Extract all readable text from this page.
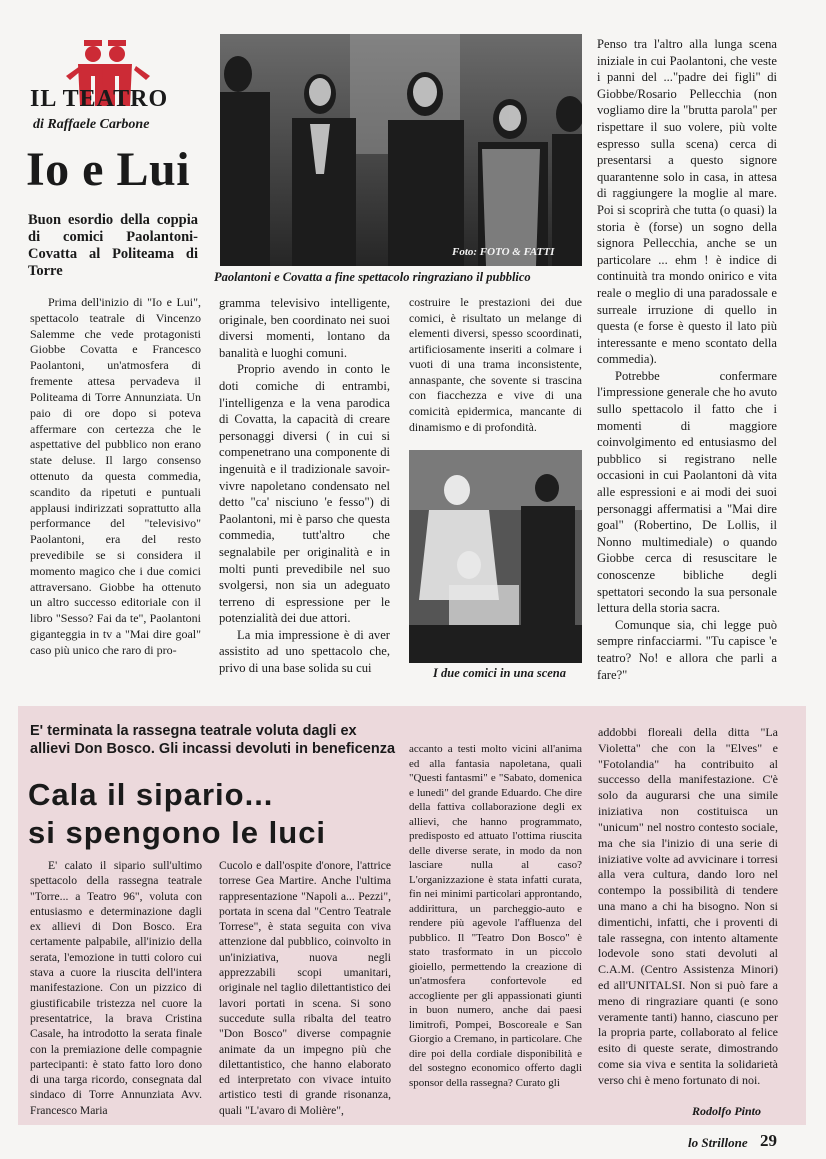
IL TEATRO
di Raffaele Carbone
Io e Lui
Buon esordio della coppia di comici Paolantoni-Covatta al Politeama di Torre
Foto: FOTO & FATTI
Paolantoni e Covatta a fine spettacolo ringraziano il pubblico

Prima dell'inizio di "Io e Lui", spettacolo teatrale di Vincenzo Salemme che vede protagonisti Giobbe Covatta e Francesco Paolantoni, un'atmosfera di fremente attesa pervadeva il Politeama di Torre Annunziata. Un paio di ore dopo si poteva affermare con certezza che le aspettative del pubblico non erano state deluse. Il largo consenso ottenuto da questa commedia, scandito da ripetuti e puntuali applausi indirizzati soprattutto alla performance del "televisivo" Paolantoni, era del resto prevedibile se si considera il momento magico che i due comici attraversano. Giobbe ha ottenuto un altro successo editoriale con il libro "Sesso? Fai da te", Paolantoni giganteggia in tv a "Mai dire goal" caso più unico che raro di pro-

gramma televisivo intelligente, originale, ben coordinato nei suoi diversi momenti, lontano da banalità e luoghi comuni.

Proprio avendo in conto le doti comiche di entrambi, l'intelligenza e la vena parodica di Covatta, la capacità di creare personaggi diversi ( in cui si compenetrano una componente di ingenuità e il tradizionale savoir-vivre napoletano condensato nel detto "ca' nisciuno 'e fesso") di Paolantoni, mi è parso che questa commedia, tutt'altro che segnalabile per originalità e in molti punti prevedibile nel suo svolgersi, non sia un adeguato terreno di espressione per le potenzialità dei due attori.

La mia impressione è di aver assistito ad uno spettacolo che, privo di una base solida su cui

costruire le prestazioni dei due comici, è risultato un melange di elementi diversi, spesso scoordinati, artificiosamente inseriti a colmare i vuoti di una trama inconsistente, annaspante, che sovente si trascina con fiacchezza e vive di una comicità epidermica, mancante di dinamismo e di profondità.

I due comici in una scena

Penso tra l'altro alla lunga scena iniziale in cui Paolantoni, che veste i panni del ..."padre dei figli" di Giobbe/Rosario Pellecchia (non vogliamo dire la "brutta parola" per rispettare il suo volere, più volte espresso sulla scena) cerca di presentarsi a questo signore quarantenne solo in casa, in attesa di raggiungere la moglie al mare. Poi si scoprirà che tutta (o quasi) la storia è (forse) un sogno della signora Pellecchia, anche se un particolare ... ehm ! è indice di continuità tra mondo onirico e vita reale o meglio di una paradossale e surreale irruzione di quello in questa (e forse è questo il lato più interessante e meno scontato della commedia).

Potrebbe confermare l'impressione generale che ho avuto sullo spettacolo il fatto che i momenti di maggiore coinvolgimento ed entusiasmo del pubblico si registrano nelle occasioni in cui Paolantoni dà vita alle espressioni e ai modi dei suoi personaggi affermatisi a "Mai dire goal" (Robertino, De Lollis, il Nonno multimediale) o quando Giobbe cerca di resuscitare le conoscenze bibliche degli spettatori secondo la sua personale lettura della storia sacra.

Comunque sia, chi legge può sempre rinfacciarmi. "Tu capisce 'e teatro? No! e allora che parli a fare?"

E' terminata la rassegna teatrale voluta dagli ex allievi Don Bosco. Gli incassi devoluti in beneficenza
Cala il sipario...
si spengono le luci

E' calato il sipario sull'ultimo spettacolo della rassegna teatrale "Torre... a Teatro 96", voluta con entusiasmo e determinazione dagli ex allievi di Don Bosco. Era certamente palpabile, all'inizio della serata, l'emozione in tutti coloro cui stava a cuore la riuscita dell'intera manifestazione. Con un pizzico di giustificabile tristezza nel cuore la presentatrice, la brava Cristina Casale, ha introdotto la serata finale con la premiazione delle compagnie partecipanti: è stato fatto loro dono di una targa ricordo, consegnata dal sindaco di Torre Annunziata Avv. Francesco Maria

Cucolo e dall'ospite d'onore, l'attrice torrese Gea Martire. Anche l'ultima rappresentazione "Napoli a... Pezzi", portata in scena dal "Centro Teatrale Torrese", è stata seguita con viva attenzione dal pubblico, coinvolto in un'iniziativa, nuova negli apprezzabili scopi umanitari, originale nel taglio dilettantistico dei lavori portati in scena. Si sono succedute sulla ribalta del teatro "Don Bosco" diverse compagnie animate da un impegno più che dilettantistico, che hanno elaborato ed interpretato con vivace intuito artistico testi di grande risonanza, quali "L'avaro di Molière",

accanto a testi molto vicini all'anima ed alla fantasia napoletana, quali "Questi fantasmi" e "Sabato, domenica e lunedì" del grande Eduardo. Che dire della fattiva collaborazione degli ex allievi, che hanno programmato, predisposto ed attuato l'ottima riuscita delle diverse serate, in modo da non lasciare nulla al caso? L'organizzazione è stata infatti curata, fin nei minimi particolari approntando, addirittura, un parcheggio-auto e rendere più agevole l'affluenza del pubblico. Il "Teatro Don Bosco" è stato trasformato in un piccolo gioiello, permettendo la creazione di un'atmosfera confortevole ed accogliente per gli appassionati giunti in buon numero, anche dai paesi limitrofi, Pompei, Boscoreale e San Giorgio a Cremano, in particolare. Che dire poi della cordiale disponibilità e del sostegno economico offerto dagli sponsor della rassegna? Curato gli

addobbi floreali della ditta "La Violetta" che con la "Elves" e "Fotolandia" ha contribuito al successo della manifestazione. C'è solo da augurarsi che una simile iniziativa non costituisca un "unicum" nel nostro contesto sociale, ma che sia l'inizio di una serie di iniziative volte ad avvicinare i torresi alla vera cultura, dando loro nel contempo la possibilità di tendere una mano a chi ha bisogno. Non si dimentichi, infatti, che i proventi di tale rassegna, con intento altamente lodevole sono stati devoluti al C.A.M. (Centro Assistenza Minori) ed all'UNITALSI. Non si può fare a meno di ringraziare quanti (e sono veramente tanti) hanno, ciascuno per la propria parte, collaborato al felice esito di queste serate, dimostrando come sia viva e sentita la solidarietà verso chi è meno fortunato di noi.

Rodolfo Pinto
lo Strillone 29
